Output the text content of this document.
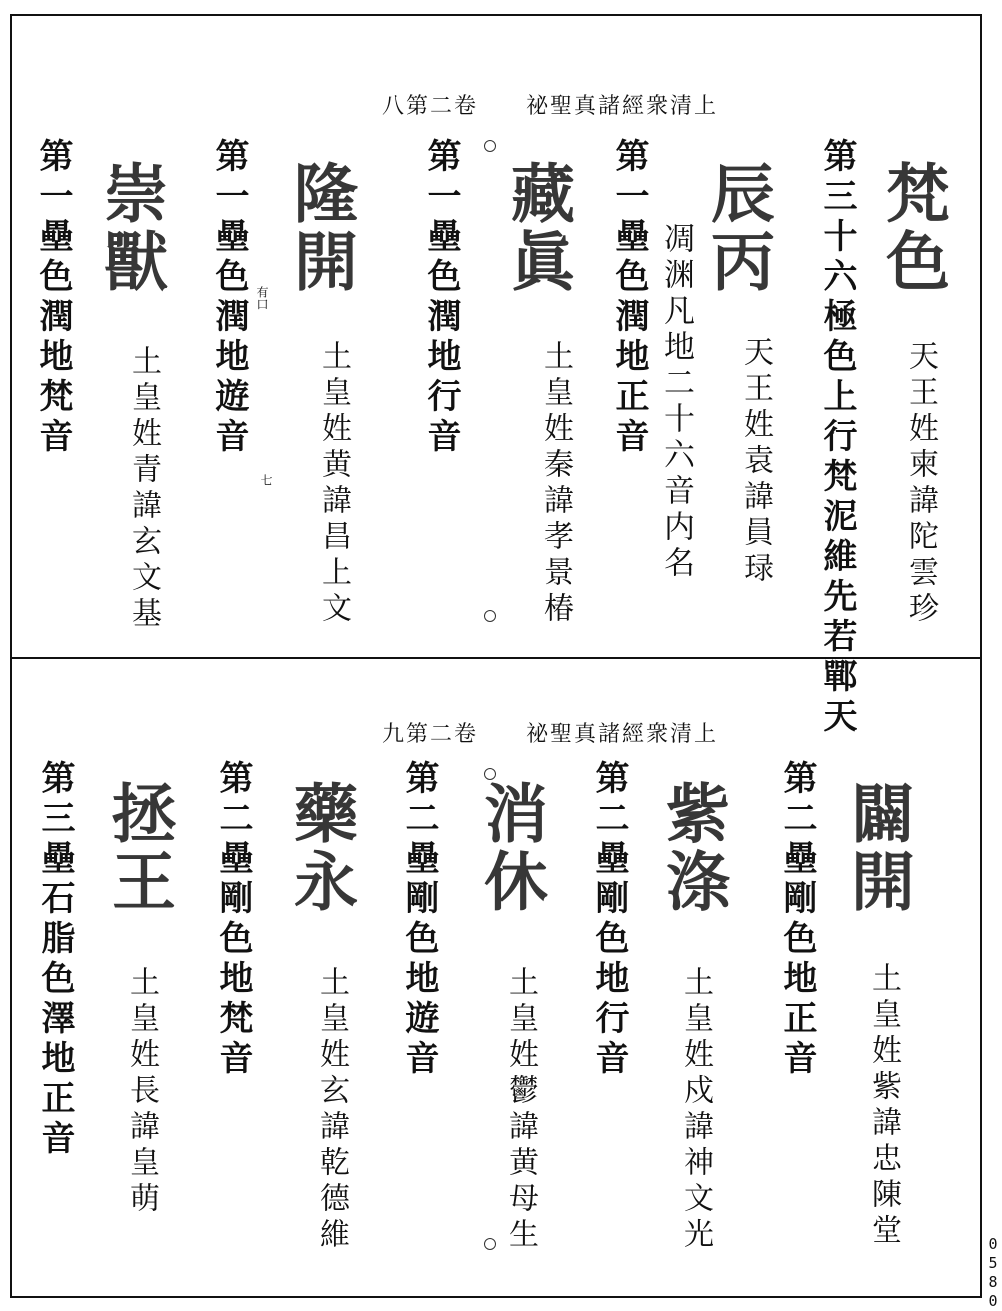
上清衆經諸真聖祕　　卷二第八
梵色
第三十六極色上行梵泥維先若鄲天 天王姓柬諱陀雲珍
辰丙
第一壘色潤地正音 凋渊凡地二十六音内名 天王姓袁諱員琭
藏眞
第一壘色潤地行音
土皇姓秦諱孝景椿
隆開
第一壘色潤地遊音 有口
七 土皇姓黄諱昌上文
崇獸
第一壘色潤地梵音
土皇姓青諱玄文基
上清衆經諸真聖祕　　卷二第九
闢開
第二壘剛色地正音
土皇姓紫諱忠陳堂
紫涤
第二壘剛色地行音
土皇姓戍諱神文光
消休
第二壘剛色地遊音
土皇姓鬱諱黄母生
藥永
第二壘剛色地梵音
土皇姓玄諱乾德維
拯王
第三壘石脂色澤地正音 土皇姓長諱皇萌
0580
